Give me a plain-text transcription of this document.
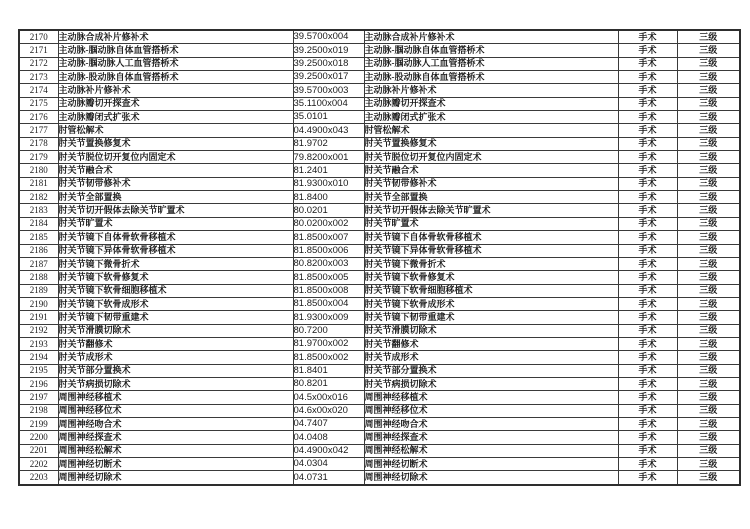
2170	主动脉合成补片修补术	39.5700x004	主动脉合成补片修补术	手术	三级
2171	主动脉-腘动脉自体血管搭桥术	39.2500x019	主动脉-腘动脉自体血管搭桥术	手术	三级
2172	主动脉-腘动脉人工血管搭桥术	39.2500x018	主动脉-腘动脉人工血管搭桥术	手术	三级
2173	主动脉-股动脉自体血管搭桥术	39.2500x017	主动脉-股动脉自体血管搭桥术	手术	三级
2174	主动脉补片修补术	39.5700x003	主动脉补片修补术	手术	三级
2175	主动脉瓣切开探查术	35.1100x004	主动脉瓣切开探查术	手术	三级
2176	主动脉瓣闭式扩张术	35.0101	主动脉瓣闭式扩张术	手术	三级
2177	肘管松解术	04.4900x043	肘管松解术	手术	三级
2178	肘关节置换修复术	81.9702	肘关节置换修复术	手术	三级
2179	肘关节脱位切开复位内固定术	79.8200x001	肘关节脱位切开复位内固定术	手术	三级
2180	肘关节融合术	81.2401	肘关节融合术	手术	三级
2181	肘关节韧带修补术	81.9300x010	肘关节韧带修补术	手术	三级
2182	肘关节全部置换	81.8400	肘关节全部置换	手术	三级
2183	肘关节切开假体去除关节旷置术	80.0201	肘关节切开假体去除关节旷置术	手术	三级
2184	肘关节旷置术	80.0200x002	肘关节旷置术	手术	三级
2185	肘关节镜下自体骨软骨移植术	81.8500x007	肘关节镜下自体骨软骨移植术	手术	三级
2186	肘关节镜下异体骨软骨移植术	81.8500x006	肘关节镜下异体骨软骨移植术	手术	三级
2187	肘关节镜下微骨折术	80.8200x003	肘关节镜下微骨折术	手术	三级
2188	肘关节镜下软骨修复术	81.8500x005	肘关节镜下软骨修复术	手术	三级
2189	肘关节镜下软骨细胞移植术	81.8500x008	肘关节镜下软骨细胞移植术	手术	三级
2190	肘关节镜下软骨成形术	81.8500x004	肘关节镜下软骨成形术	手术	三级
2191	肘关节镜下韧带重建术	81.9300x009	肘关节镜下韧带重建术	手术	三级
2192	肘关节滑膜切除术	80.7200	肘关节滑膜切除术	手术	三级
2193	肘关节翻修术	81.9700x002	肘关节翻修术	手术	三级
2194	肘关节成形术	81.8500x002	肘关节成形术	手术	三级
2195	肘关节部分置换术	81.8401	肘关节部分置换术	手术	三级
2196	肘关节病损切除术	80.8201	肘关节病损切除术	手术	三级
2197	周围神经移植术	04.5x00x016	周围神经移植术	手术	三级
2198	周围神经移位术	04.6x00x020	周围神经移位术	手术	三级
2199	周围神经吻合术	04.7407	周围神经吻合术	手术	三级
2200	周围神经探查术	04.0408	周围神经探查术	手术	三级
2201	周围神经松解术	04.4900x042	周围神经松解术	手术	三级
2202	周围神经切断术	04.0304	周围神经切断术	手术	三级
2203	周围神经切除术	04.0731	周围神经切除术	手术	三级
